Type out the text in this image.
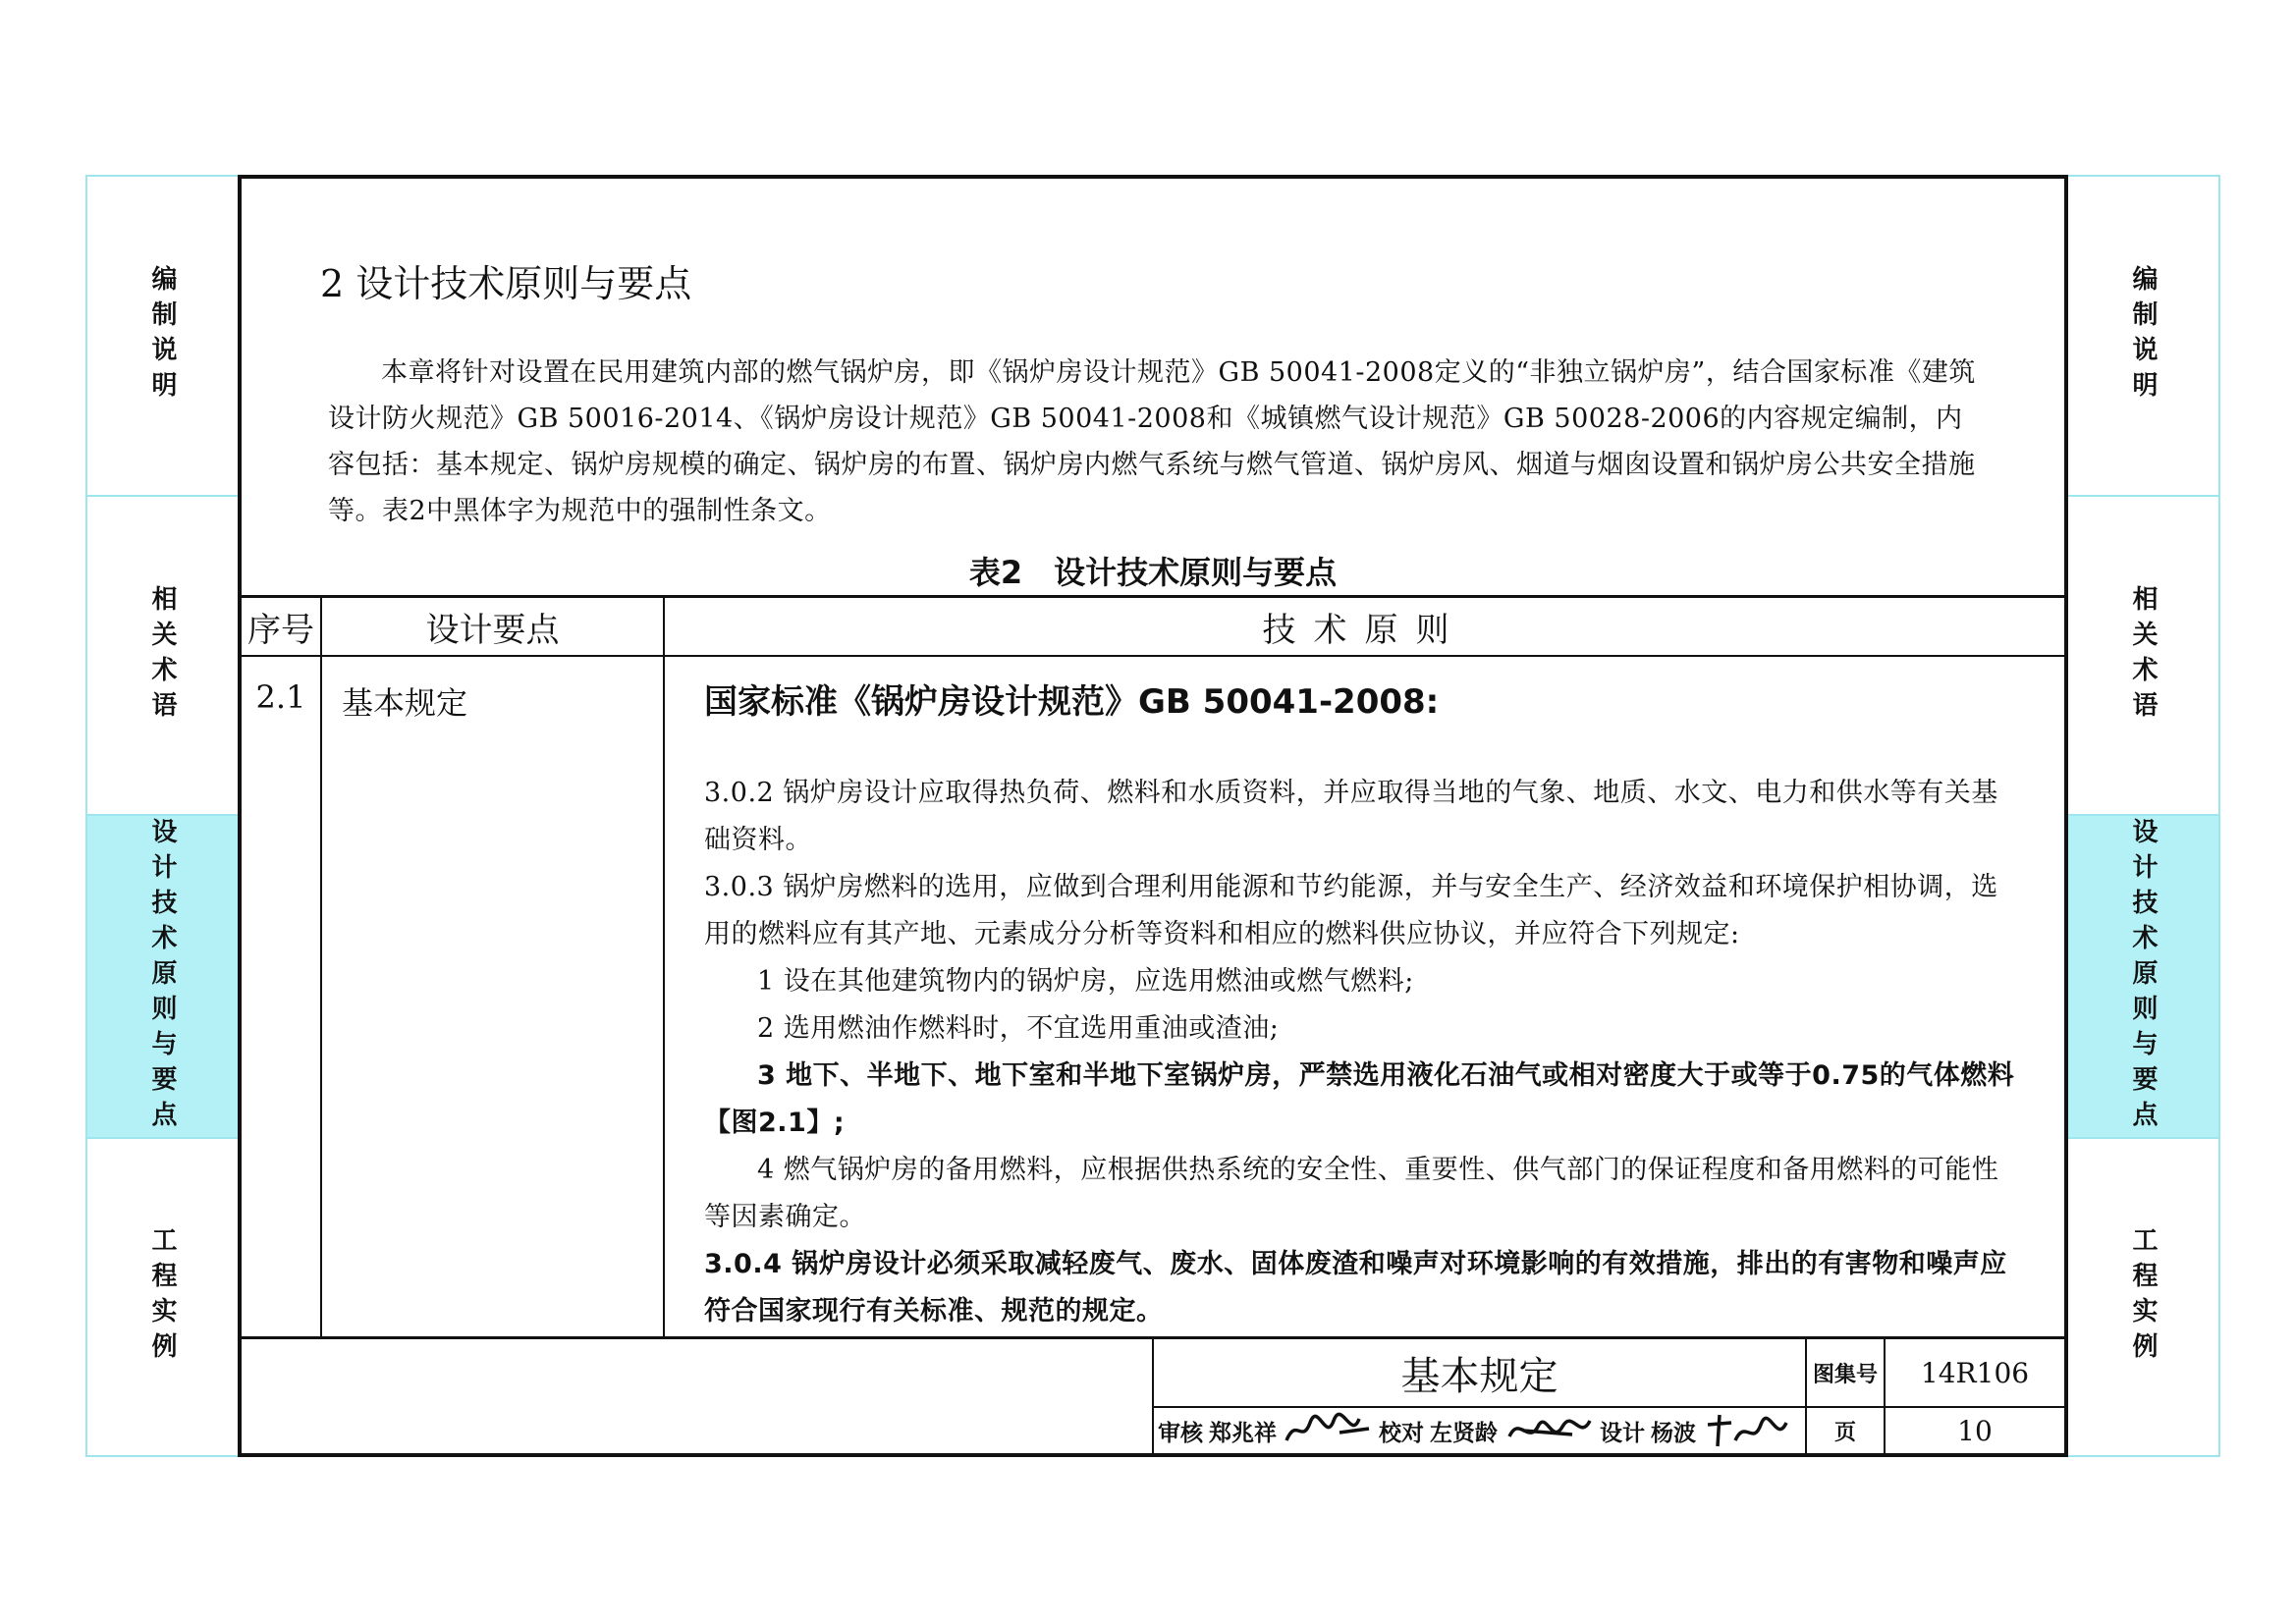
编制说明
相关术语
设计技术原则与要点
工程实例
编制说明
相关术语
设计技术原则与要点
工程实例
2 设计技术原则与要点

本章将针对设置在民用建筑内部的燃气锅炉房，即《锅炉房设计规范》GB 50041-2008定义的“非独立锅炉房”，结合国家标准《建筑设计防火规范》GB 50016-2014、《锅炉房设计规范》GB 50041-2008和《城镇燃气设计规范》GB 50028-2006的内容规定编制，内容包括：基本规定、锅炉房规模的确定、锅炉房的布置、锅炉房内燃气系统与燃气管道、锅炉房风、烟道与烟囱设置和锅炉房公共安全措施等。表2中黑体字为规范中的强制性条文。

表2　设计技术原则与要点

序号	设计要点	技术原则
2.1	基本规定	国家标准《锅炉房设计规范》GB 50041-2008:

3.0.2 锅炉房设计应取得热负荷、燃料和水质资料，并应取得当地的气象、地质、水文、电力和供水等有关基础资料。

3.0.3 锅炉房燃料的选用，应做到合理利用能源和节约能源，并与安全生产、经济效益和环境保护相协调，选用的燃料应有其产地、元素成分分析等资料和相应的燃料供应协议，并应符合下列规定:

1 设在其他建筑物内的锅炉房，应选用燃油或燃气燃料;

2 选用燃油作燃料时，不宜选用重油或渣油;

3 地下、半地下、地下室和半地下室锅炉房，严禁选用液化石油气或相对密度大于或等于0.75的气体燃料【图2.1】;

4 燃气锅炉房的备用燃料，应根据供热系统的安全性、重要性、供气部门的保证程度和备用燃料的可能性等因素确定。

3.0.4 锅炉房设计必须采取减轻废气、废水、固体废渣和噪声对环境影响的有效措施，排出的有害物和噪声应符合国家现行有关标准、规范的规定。

基本规定	图集号	14R106
审核 郑兆祥	校对 左贤龄	设计 杨波	页	10
